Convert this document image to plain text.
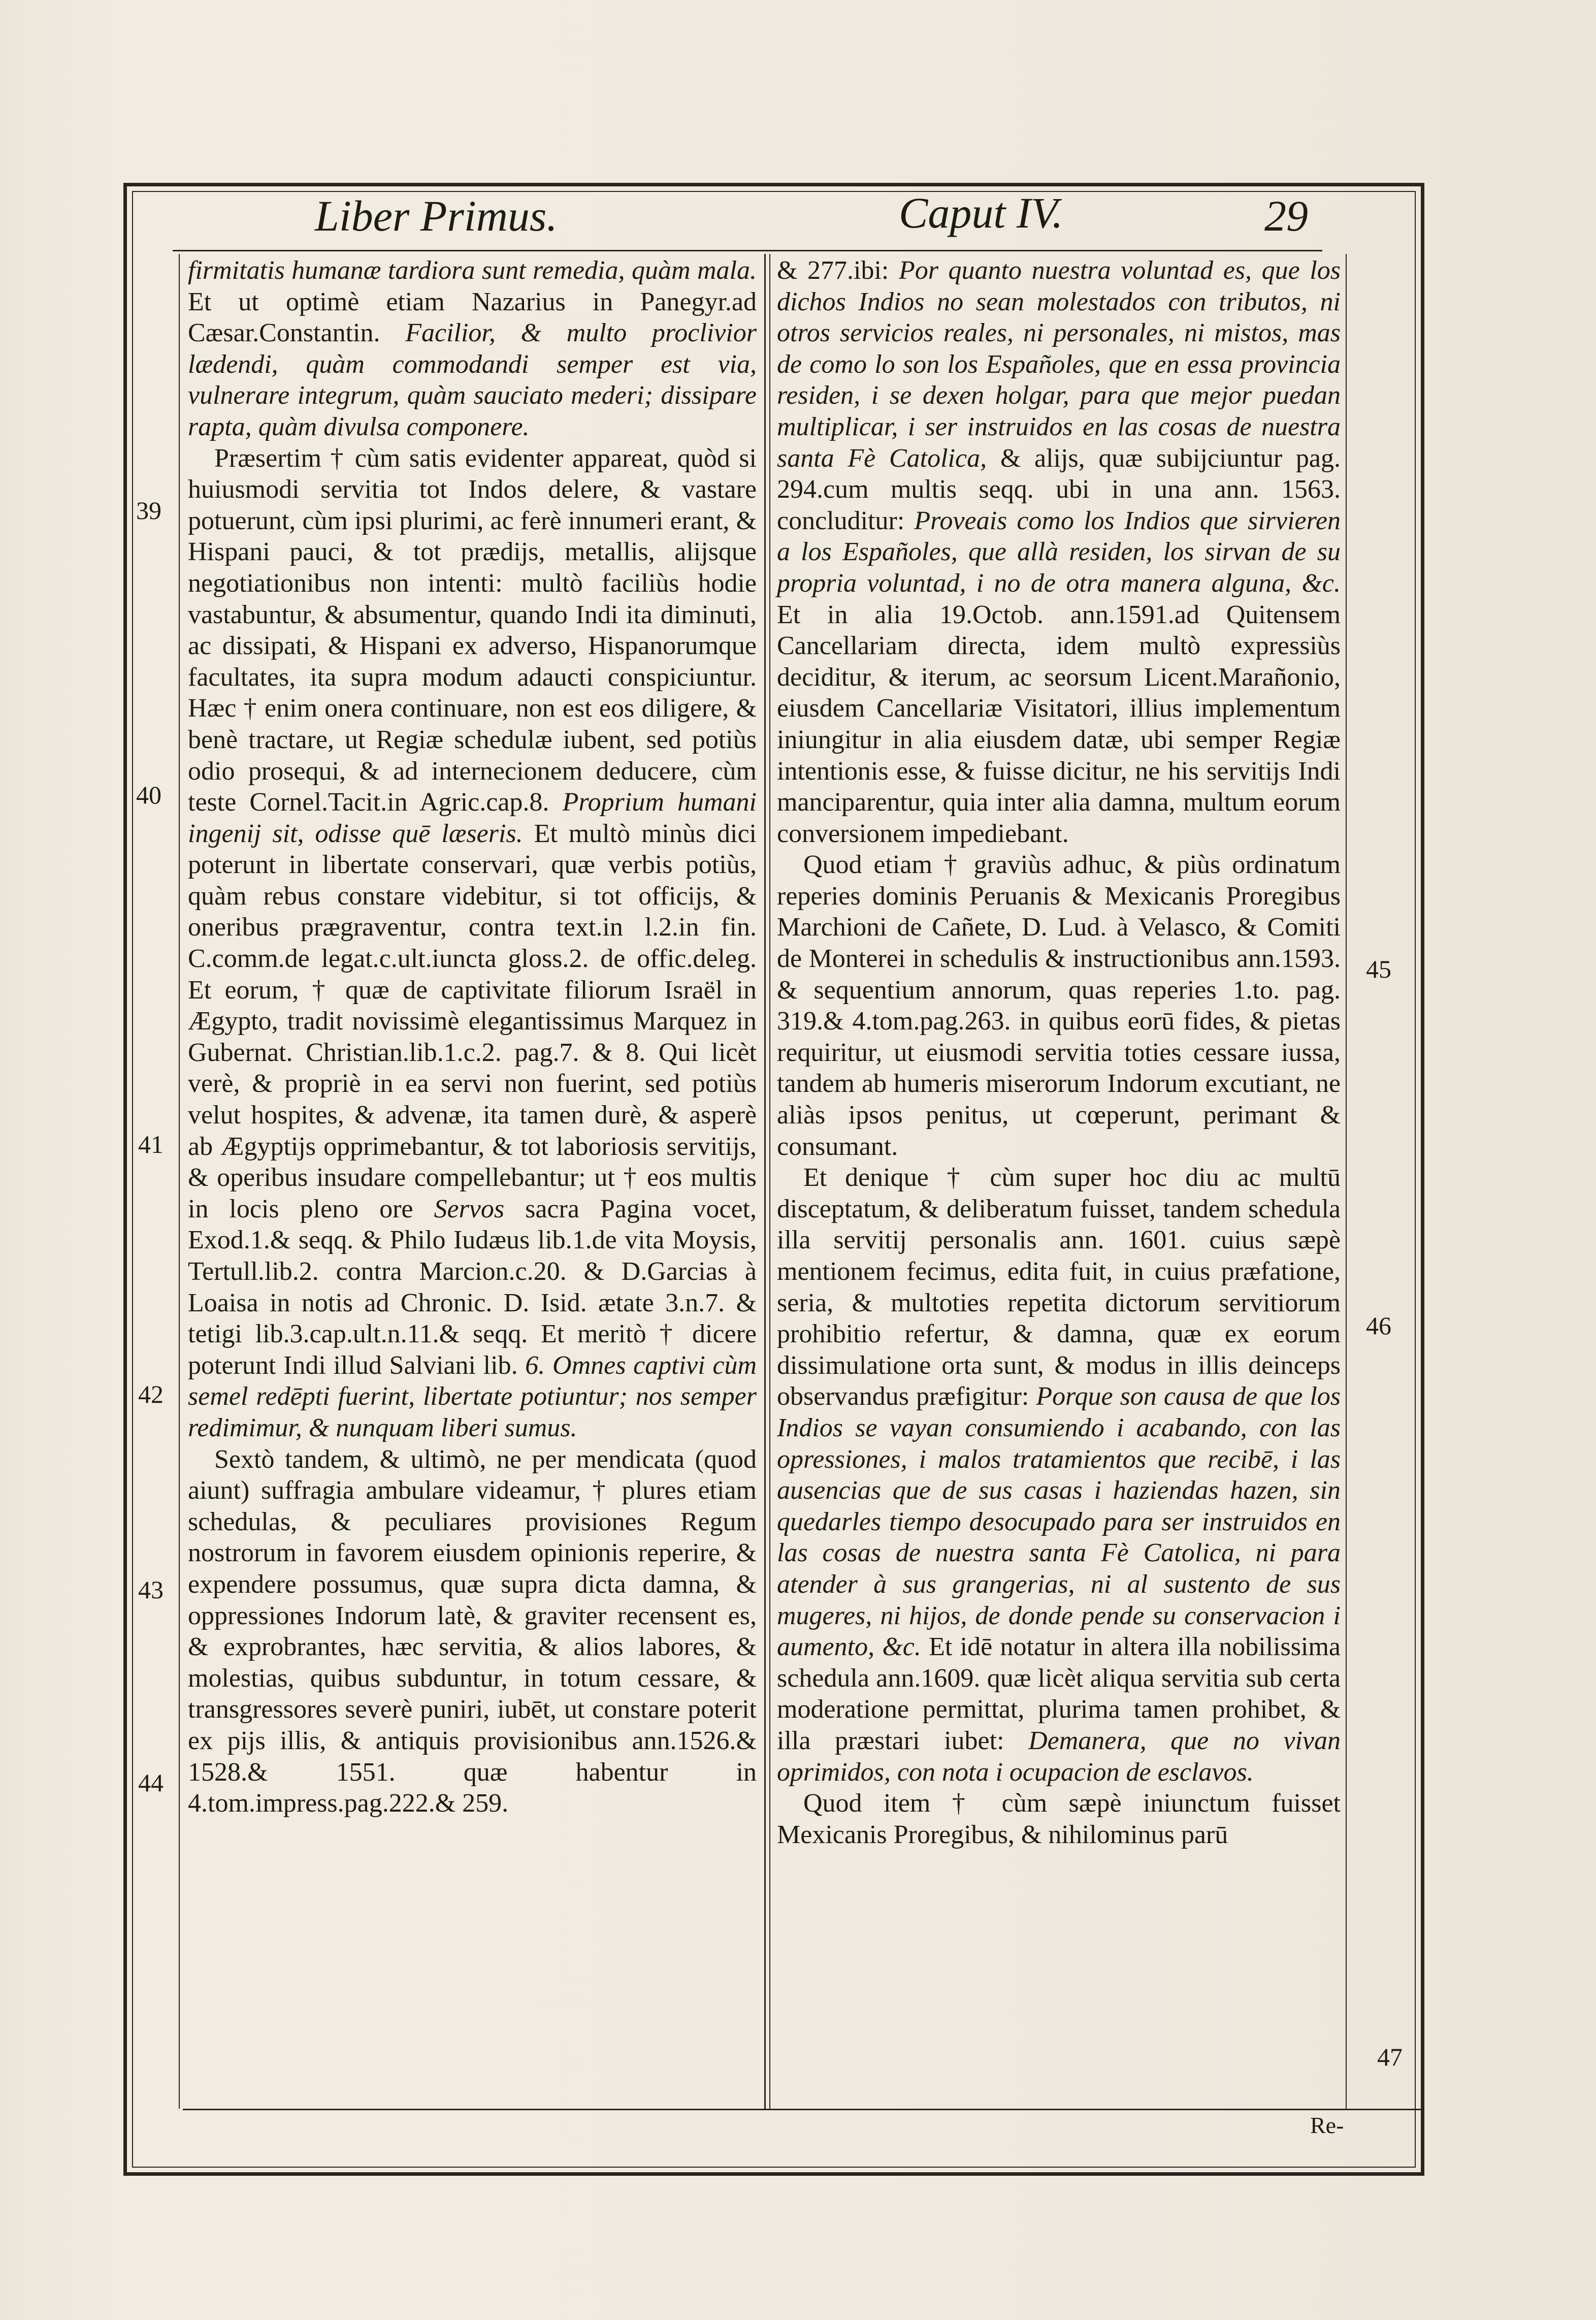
Liber Primus.	Caput IV.	29

firmitatis humanæ tardiora sunt remedia, quàm mala. Et ut optimè etiam Nazarius in Panegyr.ad Cæsar.Constantin. Facilior, & multo proclivior lædendi, quàm commodandi semper est via, vulnerare integrum, quàm sauciato mederi; dissipare rapta, quàm divulsa componere.

Præsertim † cùm satis evidenter appareat, quòd si huiusmodi servitia tot Indos delere, & vastare potuerunt, cùm ipsi plurimi, ac ferè innumeri erant, & Hispani pauci, & tot prædijs, metallis, alijsque negotiationibus non intenti: multò faciliùs hodie vastabuntur, & absumentur, quando Indi ita diminuti, ac dissipati, & Hispani ex adverso, Hispanorumque facultates, ita supra modum adaucti conspiciuntur. Hæc † enim onera continuare, non est eos diligere, & benè tractare, ut Regiæ schedulæ iubent, sed potiùs odio prosequi, & ad internecionem deducere, cùm teste Cornel.Tacit.in Agric.cap.8. Proprium humani ingenij sit, odisse quē læseris. Et multò minùs dici poterunt in libertate conservari, quæ verbis potiùs, quàm rebus constare videbitur, si tot officijs, & oneribus prægraventur, contra text.in l.2.in fin. C.comm.de legat.c.ult.iuncta gloss.2. de offic.deleg. Et eorum, † quæ de captivitate filiorum Israël in Ægypto, tradit novissimè elegantissimus Marquez in Gubernat. Christian.lib.1.c.2. pag.7. & 8. Qui licèt verè, & propriè in ea servi non fuerint, sed potiùs velut hospites, & advenæ, ita tamen durè, & asperè ab Ægyptijs opprimebantur, & tot laboriosis servitijs, & operibus insudare compellebantur; ut † eos multis in locis pleno ore Servos sacra Pagina vocet, Exod.1.& seqq. & Philo Iudæus lib.1.de vita Moysis, Tertull.lib.2. contra Marcion.c.20. & D.Garcias à Loaisa in notis ad Chronic. D. Isid. ætate 3.n.7. & tetigi lib.3.cap.ult.n.11.& seqq. Et meritò † dicere poterunt Indi illud Salviani lib. 6. Omnes captivi cùm semel redēpti fuerint, libertate potiuntur; nos semper redimimur, & nunquam liberi sumus.

Sextò tandem, & ultimò, ne per mendicata (quod aiunt) suffragia ambulare videamur, † plures etiam schedulas, & peculiares provisiones Regum nostrorum in favorem eiusdem opinionis reperire, & expendere possumus, quæ supra dicta damna, & oppressiones Indorum latè, & graviter recensent es, & exprobrantes, hæc servitia, & alios labores, & molestias, quibus subduntur, in totum cessare, & transgressores severè puniri, iubēt, ut constare poterit ex pijs illis, & antiquis provisionibus ann.1526.& 1528.& 1551. quæ habentur in 4.tom.impress.pag.222.& 259.

& 277.ibi: Por quanto nuestra voluntad es, que los dichos Indios no sean molestados con tributos, ni otros servicios reales, ni personales, ni mistos, mas de como lo son los Españoles, que en essa provincia residen, i se dexen holgar, para que mejor puedan multiplicar, i ser instruidos en las cosas de nuestra santa Fè Catolica, & alijs, quæ subijciuntur pag. 294.cum multis seqq. ubi in una ann. 1563. concluditur: Proveais como los Indios que sirvieren a los Españoles, que allà residen, los sirvan de su propria voluntad, i no de otra manera alguna, &c. Et in alia 19.Octob. ann.1591.ad Quitensem Cancellariam directa, idem multò expressiùs deciditur, & iterum, ac seorsum Licent.Marañonio, eiusdem Cancellariæ Visitatori, illius implementum iniungitur in alia eiusdem datæ, ubi semper Regiæ intentionis esse, & fuisse dicitur, ne his servitijs Indi manciparentur, quia inter alia damna, multum eorum conversionem impediebant.

Quod etiam † graviùs adhuc, & piùs ordinatum reperies dominis Peruanis & Mexicanis Proregibus Marchioni de Cañete, D. Lud. à Velasco, & Comiti de Monterei in schedulis & instructionibus ann.1593. & sequentium annorum, quas reperies 1.to. pag. 319.& 4.tom.pag.263. in quibus eorū fides, & pietas requiritur, ut eiusmodi servitia toties cessare iussa, tandem ab humeris miserorum Indorum excutiant, ne aliàs ipsos penitus, ut cœperunt, perimant & consumant.

Et denique † cùm super hoc diu ac multū disceptatum, & deliberatum fuisset, tandem schedula illa servitij personalis ann. 1601. cuius sæpè mentionem fecimus, edita fuit, in cuius præfatione, seria, & multoties repetita dictorum servitiorum prohibitio refertur, & damna, quæ ex eorum dissimulatione orta sunt, & modus in illis deinceps observandus præfigitur: Porque son causa de que los Indios se vayan consumiendo i acabando, con las opressiones, i malos tratamientos que recibē, i las ausencias que de sus casas i haziendas hazen, sin quedarles tiempo desocupado para ser instruidos en las cosas de nuestra santa Fè Catolica, ni para atender à sus grangerias, ni al sustento de sus mugeres, ni hijos, de donde pende su conservacion i aumento, &c. Et idē notatur in altera illa nobilissima schedula ann.1609. quæ licèt aliqua servitia sub certa moderatione permittat, plurima tamen prohibet, & illa præstari iubet: Demanera, que no vivan oprimidos, con nota i ocupacion de esclavos.

Quod item † cùm sæpè iniunctum fuisset Mexicanis Proregibus, & nihilominus parū

39
40
41
42
43
44
45
46
47
Re-
